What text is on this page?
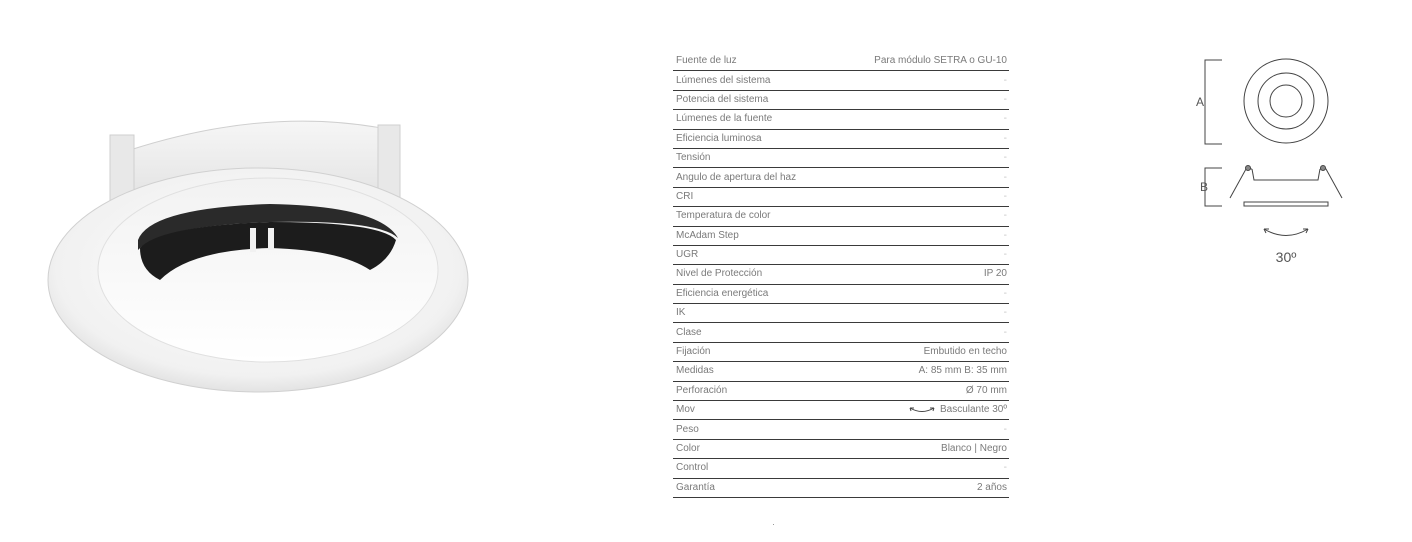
Fuente de luz	Para módulo SETRA o GU-10
Lúmenes del sistema	-
Potencia del sistema	-
Lúmenes de la fuente	-
Eficiencia luminosa	-
Tensión	-
Angulo de apertura del haz	-
CRI	-
Temperatura de color	-
McAdam Step	-
UGR	-
Nivel de Protección	IP 20
Eficiencia energética	-
IK	-
Clase	-
Fijación	Embutido en techo
Medidas	A: 85 mm B: 35 mm
Perforación	Ø 70 mm
Mov	Basculante 30º
Peso	-
Color	Blanco | Negro
Control	-
Garantía	2 años
A
B
30º
